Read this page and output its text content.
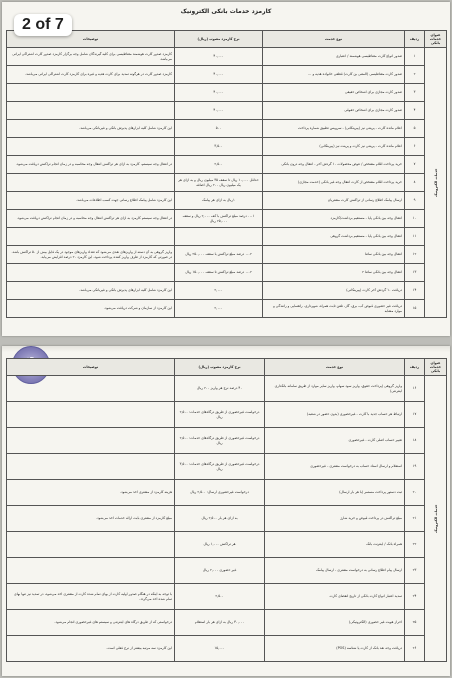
2 of 7
کارمزد خدمات بانکی الکترونیک
عنوان خدمات بانکی	ردیف	نوع خدمت	نرخ کارمزد مصوب (ریال)	توضیحات
خدمات الکترونیک	۱	صدور انواع کارت مغناطیسی هوشمند / اعتباری	۴۰,۰۰۰	کارمزد صدور کارت هوشمند مغناطیسی برای کلیه گیرندگان شامل وجه برگزار کارمزد صدور کارت اشتراکی ایرانی می‌باشد.
	۲	صدور کارت مغناطیسی (المثنی بن کارت) قطعی خانواده هدیه و ...	۴۰,۰۰۰	کارمزد صدور کارت در هرگونه تمدید برای کارت هدیه و غیره برای کارمزد کارت اشتراکی ایرانی می‌باشد.
	۳	صدور کارت مجازی برای اشخاص حقیقی	۴۰,۰۰۰	
	۴	صدور کارت مجازی برای اشخاص حقوقی	۴۰,۰۰۰	
	۵	اعلام مانده کارت - پرینتی نیز (پیرینکانی) - سرویس تطبیق شماره پرداخت	۵۰۰	این کارمزد شامل کلیه ابزارهای پذیرش بانکی و غیربانکی می‌باشد.
	۶	اعلام مانده کارت - پرینتی نیز کارت و پرینت نیز (پیرینکانی)	۳,۵۰۰	
	۷	خرید پرداخت اقلام مشخص / عوض محصولات ۱۰ گردش آخر - انتقال وجه درون بانکی	۲,۵۰۰	در انتقال وجه سیستم، کارمزد به ازای هر تراکنش انتقال وجه محاسبه و در زمان انجام تراکنش دریافت می‌شود.
	۸	خرید پرداخت اقلام مشخص از کارت انتقال وجه غیر بانکی (خدمت مجازی)	حداقل ۱۰,۰۰۰ ریال تا سقف ۳۵ میلیون ریال و به ازای هر یک میلیون ریال ۲۰۰ ریال اضافه	
	۹	ارسال پیامک اطلاع رسانی از تراکنش کارت مشتریان	۱ریال به ازای هر پیامک	این کارمزد شامل پیامک اطلاع رسانی جهت کسب اطلاعات می‌باشد.
	۱۰	انتقال وجه بین بانکی پایا - مستقیم برداشت/کارمزد	۰.۰۱ درصد مبلغ تراکنش با کف ۲,۰۰۰ ریال و سقف ۲۵,۰۰۰ ریال	در انتقال وجه سیستم کارمزد به ازای هر تراکنش انتقال وجه محاسبه و در زمان انجام تراکنش دریافت می‌شود.
	۱۱	انتقال وجه بین بانکی پایا - مستقیم برداشت گروهی		
	۱۲	انتقال وجه بین بانکی ساتنا	۰.۰۲ درصد مبلغ تراکنش با سقف ۲۵۰,۰۰۰ ریال	واریز گروهی به آن دسته از واریزهای نقدی می‌شود که تعداد واریزهای موجود در یک فایل بیش از ۵۰ تراکنش باشد. در صورتی که کارمزد از طرف واریز کننده پرداخت شود، این کارمزد ۲۰ درصد افزایش می‌یابد.
	۱۳	انتقال وجه بین بانکی ساتنا ۲	۰.۰۲ درصد مبلغ تراکنش تا سقف ۱۵۰,۰۰۰ ریال	
	۱۴	دریافت ۱۰ گردش آخر کارت (پیرینکانی)	۲,۰۰۰	این کارمزد شامل کلیه ابزارهای پذیرش بانکی و غیربانکی می‌باشد.
	۱۵	دریافت غیر حضوری قبوض آب، برق، گاز، تلفن ثابت همراه، شهرداری، راهنمایی و رانندگی و موارد مشابه	۲,۰۰۰	این کارمزد از سازمان و شرکت دریافت می‌شود.
عنوان خدمات بانکی	ردیف	نوع خدمت	نرخ کارمزد مصوب (ریال)	توضیحات
خدمات الکترونیک	۱۶	واریز گروهی (پرداخت حقوق، واریز سود سهام، واریز سایر موارد از طریق سامانه بانکداری اینترنتی)	۴۰ درصد نرخ هر واریز ۲۰۰ ریال	
	۱۷	ارتباط هر حساب جدید با کارت - غیرحضوری (بدون حضور در شعبه)	درخواست غیرحضوری از طریق درگاه‌های خدمات: ۲,۵۰۰ ریال	
	۱۸	تغییر حساب اصلی کارت - غیرحضوری	درخواست غیرحضوری از طریق درگاه‌های خدمات: ۲,۵۰۰ ریال	
	۱۹	استعلام و ارسال اسناد حساب به درخواست مشتری - غیرحضوری	درخواست غیرحضوری از طریق درگاه‌های خدمات: ۳,۵۰۰ ریال	
	۲۰	ثبت دستور پرداخت مستمر (با هر بار ارسال)	درخواست غیرحضوری ارسال: ۲,۵۰۰ ریال	هزینه کارمزد از مشتری اخذ می‌شود.
	۲۱	مبلغ تراکنش در پرداخت قبوض و خرید شارژ	به ازای هر بار ۲,۵۰۰ ریال	مبلغ کارمزد از مشتری بابت ارائه خدمات اخذ می‌شود.
	۲۲	همراه بانک / اینترنت بانک	هر تراکنش ۱,۰۰۰ ریال	
	۲۳	ارسال پیام اطلاع رسانی به درخواست مشتری - ارسال پیامک	غیر حضوری ۲,۰۰۰ ریال	
	۲۴	تمدید اعتبار انواع کارت بانکی از تاریخ انقضای کارت	۲,۵۰۰	با توجه به اینکه در هنگام صدور اولیه کارت از بهای تمام شده کارت از مشتری اخذ می‌شود، در تمدید نیز تنها بهای تمام شده اخذ می‌گردد.
	۲۵	احراز هویت غیر حضوری (الکترونیکی)	۴۰,۰۰۰ ریال به ازای هر بار استعلام	درخواستی که از طریق درگاه های اینترنتی و سیستم های غیرحضوری انجام می‌شود.
	۲۶	دریافت وجه نقد بانک از کارت یا شناسه (POS)	۱۵,۰۰۰	این کارمزد سه مرتبه بیشتر از نرخ فعلی است.
